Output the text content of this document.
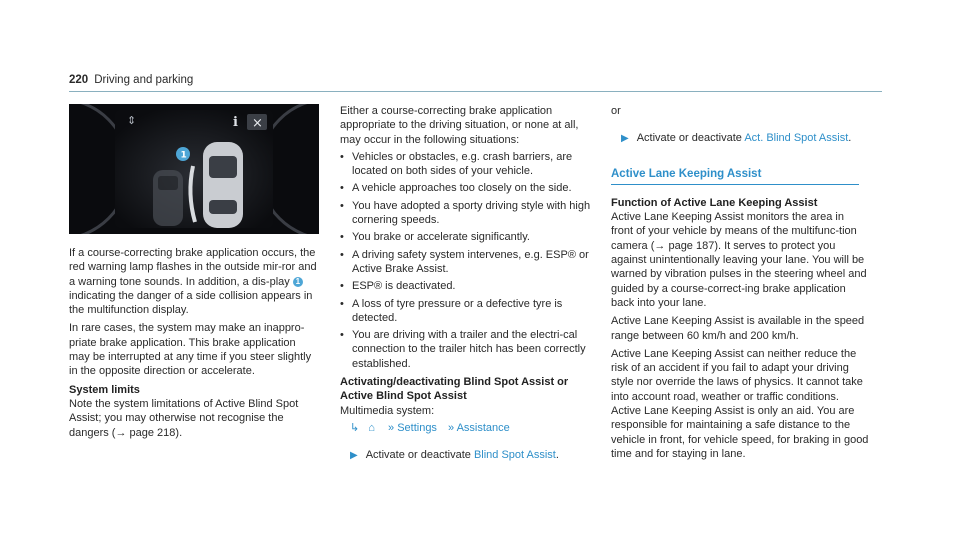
220 Driving and parking
⇕	i ×
1

If a course-correcting brake application occurs, the red warning lamp flashes in the outside mir-ror and a warning tone sounds. In addition, a dis-play 1 indicating the danger of a side collision appears in the multifunction display.

In rare cases, the system may make an inappro-priate brake application. This brake application may be interrupted at any time if you steer slightly in the opposite direction or accelerate.

System limits

Note the system limitations of Active Blind Spot Assist; you may otherwise not recognise the dangers (→ page 218).

Either a course-correcting brake application appropriate to the driving situation, or none at all, may occur in the following situations:

• Vehicles or obstacles, e.g. crash barriers, are located on both sides of your vehicle.
• A vehicle approaches too closely on the side.
• You have adopted a sporty driving style with high cornering speeds.
• You brake or accelerate significantly.
• A driving safety system intervenes, e.g. ESP® or Active Brake Assist.
• ESP® is deactivated.
• A loss of tyre pressure or a defective tyre is detected.
• You are driving with a trailer and the electri-cal connection to the trailer hitch has been correctly established.

Activating/deactivating Blind Spot Assist or Active Blind Spot Assist

Multimedia system:

↳ ⌂ » Settings » Assistance
▶ Activate or deactivate Blind Spot Assist.

or

▶ Activate or deactivate Act. Blind Spot Assist.
Active Lane Keeping Assist

Function of Active Lane Keeping Assist

Active Lane Keeping Assist monitors the area in front of your vehicle by means of the multifunc-tion camera (→ page 187). It serves to protect you against unintentionally leaving your lane. You will be warned by vibration pulses in the steering wheel and guided by a course-correct-ing brake application back into your lane.

Active Lane Keeping Assist is available in the speed range between 60 km/h and 200 km/h.

Active Lane Keeping Assist can neither reduce the risk of an accident if you fail to adapt your driving style nor override the laws of physics. It cannot take into account road, weather or traffic conditions. Active Lane Keeping Assist is only an aid. You are responsible for maintaining a safe distance to the vehicle in front, for vehicle speed, for braking in good time and for staying in lane.
